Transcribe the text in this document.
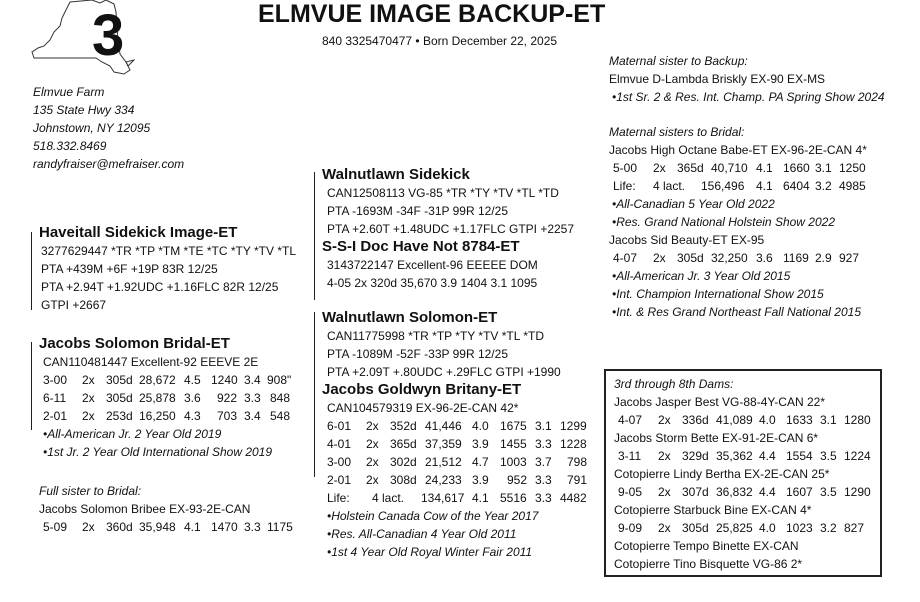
3	ELMVUE IMAGE BACKUP-ET
840 3325470477 • Born December 22, 2025
Elmvue Farm
135 State Hwy 334
Johnstown, NY 12095
518.332.8469
randyfraiser@mefraiser.com
Walnutlawn Sidekick
CAN12508113 VG-85 *TR *TY *TV *TL *TD
PTA -1693M -34F -31P 99R 12/25
PTA +2.60T +1.48UDC +1.17FLC GTPI +2257
S-S-I Doc Have Not 8784-ET
3143722147 Excellent-96 EEEEE DOM
4-05 2x 320d 35,670 3.9 1404 3.1 1095
Walnutlawn Solomon-ET
CAN11775998 *TR *TP *TY *TV *TL *TD
PTA -1089M -52F -33P 99R 12/25
PTA +2.09T +.80UDC +.29FLC GTPI +1990
Jacobs Goldwyn Britany-ET
CAN104579319 EX-96-2E-CAN 42*
6-01 2x 352d 41,446 4.0 1675 3.1 1299
4-01 2x 365d 37,359 3.9 1455 3.3 1228
3-00 2x 302d 21,512 4.7 1003 3.7 798
2-01 2x 308d 24,233 3.9 952 3.3 791
Life: 4 lact. 134,617 4.1 5516 3.3 4482
•Holstein Canada Cow of the Year 2017
•Res. All-Canadian 4 Year Old 2011
•1st 4 Year Old Royal Winter Fair 2011
Haveitall Sidekick Image-ET
3277629447 *TR *TP *TM *TE *TC *TY *TV *TL
PTA +439M +6F +19P 83R 12/25
PTA +2.94T +1.92UDC +1.16FLC 82R 12/25
GTPI +2667
Jacobs Solomon Bridal-ET
CAN110481447 Excellent-92 EEEVE 2E
3-00 2x 305d 28,672 4.5 1240 3.4 908"
6-11 2x 305d 25,878 3.6 922 3.3 848
2-01 2x 253d 16,250 4.3 703 3.4 548
•All-American Jr. 2 Year Old 2019
•1st Jr. 2 Year Old International Show 2019
Full sister to Bridal:
Jacobs Solomon Bribee EX-93-2E-CAN
5-09 2x 360d 35,948 4.1 1470 3.3 1175
Maternal sister to Backup:
Elmvue D-Lambda Briskly EX-90 EX-MS
•1st Sr. 2 & Res. Int. Champ. PA Spring Show 2024
Maternal sisters to Bridal:
Jacobs High Octane Babe-ET EX-96-2E-CAN 4*
5-00 2x 365d 40,710 4.1 1660 3.1 1250
Life: 4 lact. 156,496 4.1 6404 3.2 4985
•All-Canadian 5 Year Old 2022
•Res. Grand National Holstein Show 2022
Jacobs Sid Beauty-ET EX-95
4-07 2x 305d 32,250 3.6 1169 2.9 927
•All-American Jr. 3 Year Old 2015
•Int. Champion International Show 2015
•Int. & Res Grand Northeast Fall National 2015
3rd through 8th Dams:
Jacobs Jasper Best VG-88-4Y-CAN 22*
4-07 2x 336d 41,089 4.0 1633 3.1 1280
Jacobs Storm Bette EX-91-2E-CAN 6*
3-11 2x 329d 35,362 4.4 1554 3.5 1224
Cotopierre Lindy Bertha EX-2E-CAN 25*
9-05 2x 307d 36,832 4.4 1607 3.5 1290
Cotopierre Starbuck Bine EX-CAN 4*
9-09 2x 305d 25,825 4.0 1023 3.2 827
Cotopierre Tempo Binette EX-CAN
Cotopierre Tino Bisquette VG-86 2*
